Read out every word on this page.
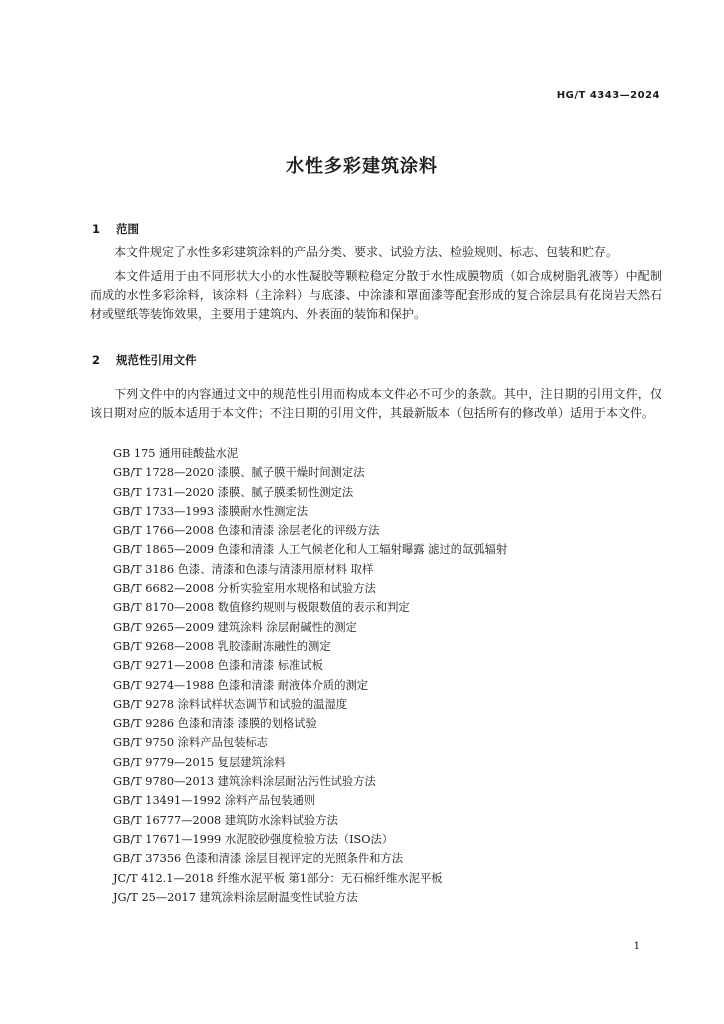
HG/T 4343—2024
水性多彩建筑涂料
1 范围

本文件规定了水性多彩建筑涂料的产品分类、要求、试验方法、检验规则、标志、包装和贮存。

本文件适用于由不同形状大小的水性凝胶等颗粒稳定分散于水性成膜物质（如合成树脂乳液等）中配制而成的水性多彩涂料，该涂料（主涂料）与底漆、中涂漆和罩面漆等配套形成的复合涂层具有花岗岩天然石材或壁纸等装饰效果，主要用于建筑内、外表面的装饰和保护。

2 规范性引用文件

下列文件中的内容通过文中的规范性引用而构成本文件必不可少的条款。其中，注日期的引用文件，仅该日期对应的版本适用于本文件；不注日期的引用文件，其最新版本（包括所有的修改单）适用于本文件。

GB 175 通用硅酸盐水泥
GB/T 1728—2020 漆膜、腻子膜干燥时间测定法
GB/T 1731—2020 漆膜、腻子膜柔韧性测定法
GB/T 1733—1993 漆膜耐水性测定法
GB/T 1766—2008 色漆和清漆 涂层老化的评级方法
GB/T 1865—2009 色漆和清漆 人工气候老化和人工辐射曝露 滤过的氙弧辐射
GB/T 3186 色漆、清漆和色漆与清漆用原材料 取样
GB/T 6682—2008 分析实验室用水规格和试验方法
GB/T 8170—2008 数值修约规则与极限数值的表示和判定
GB/T 9265—2009 建筑涂料 涂层耐碱性的测定
GB/T 9268—2008 乳胶漆耐冻融性的测定
GB/T 9271—2008 色漆和清漆 标准试板
GB/T 9274—1988 色漆和清漆 耐液体介质的测定
GB/T 9278 涂料试样状态调节和试验的温湿度
GB/T 9286 色漆和清漆 漆膜的划格试验
GB/T 9750 涂料产品包装标志
GB/T 9779—2015 复层建筑涂料
GB/T 9780—2013 建筑涂料涂层耐沾污性试验方法
GB/T 13491—1992 涂料产品包装通则
GB/T 16777—2008 建筑防水涂料试验方法
GB/T 17671—1999 水泥胶砂强度检验方法（ISO法）
GB/T 37356 色漆和清漆 涂层目视评定的光照条件和方法
JC/T 412.1—2018 纤维水泥平板 第1部分：无石棉纤维水泥平板
JG/T 25—2017 建筑涂料涂层耐温变性试验方法
1
